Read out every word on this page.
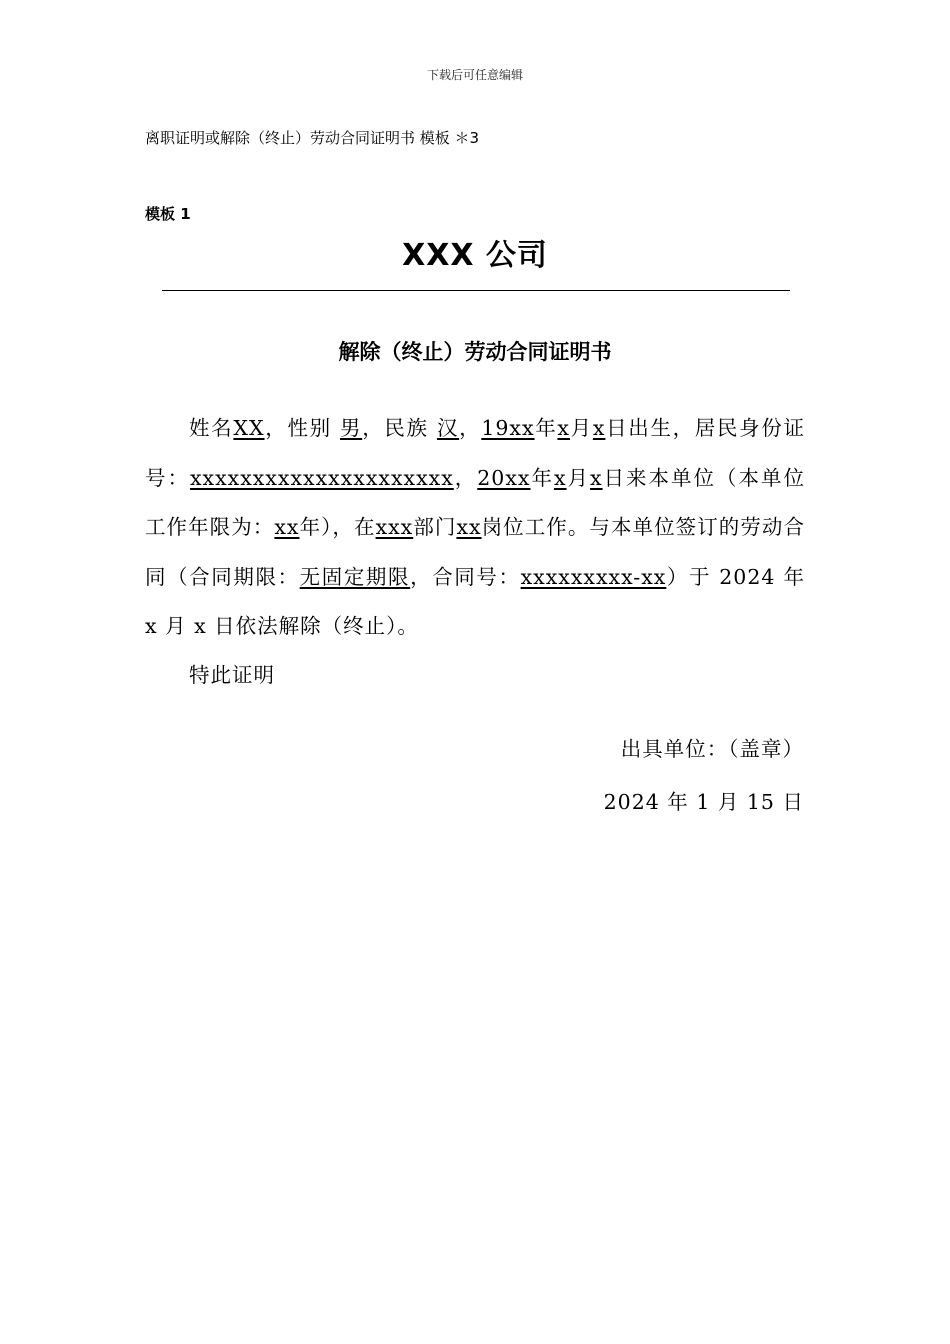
下载后可任意编辑
离职证明或解除（终止）劳动合同证明书 模板 ＊3
模板 1
XXX 公司
解除（终止）劳动合同证明书

姓名XX，性别 男，民族 汉，19xx年x月x日出生，居民身份证号：xxxxxxxxxxxxxxxxxxxxx，20xx年x月x日来本单位（本单位工作年限为：xx年），在xxx部门xx岗位工作。与本单位签订的劳动合同（合同期限：无固定期限，合同号：xxxxxxxxx-xx）于 2024 年 x 月 x 日依法解除（终止）。

特此证明
出具单位：（盖章）
2024 年 1 月 15 日
